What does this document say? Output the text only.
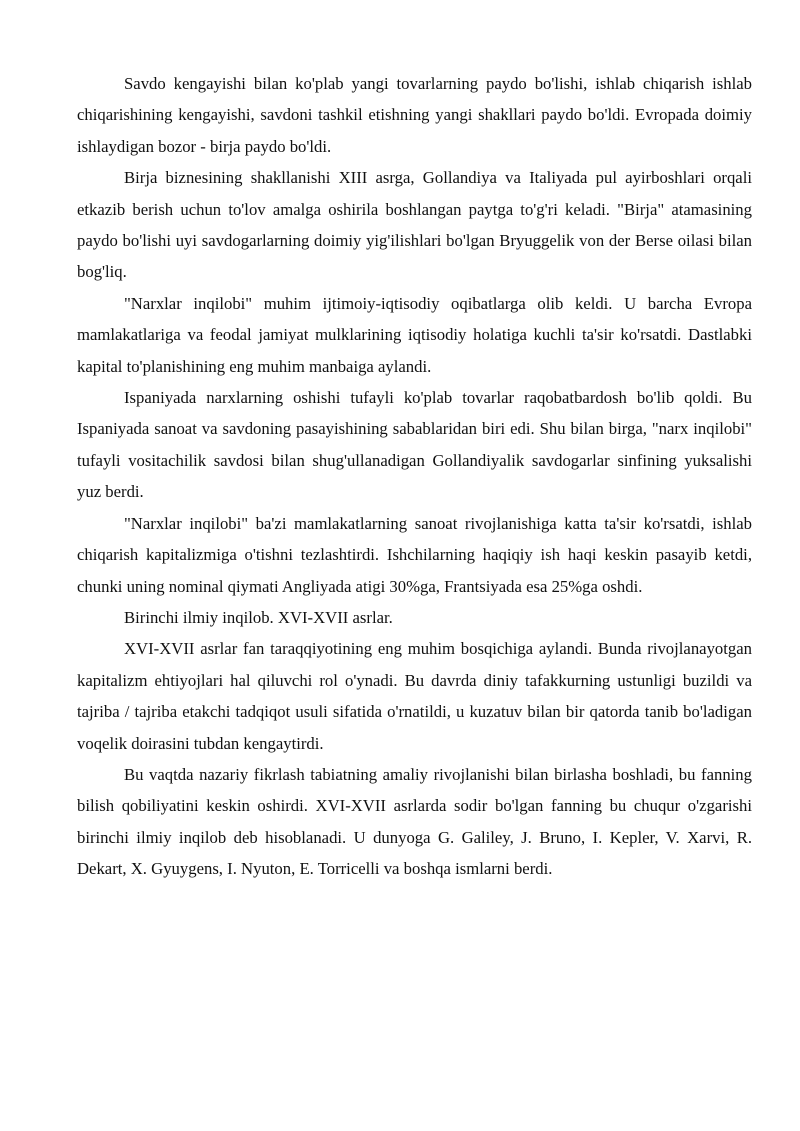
Savdo kengayishi bilan ko'plab yangi tovarlarning paydo bo'lishi, ishlab chiqarish ishlab chiqarishining kengayishi, savdoni tashkil etishning yangi shakllari paydo bo'ldi. Evropada doimiy ishlaydigan bozor - birja paydo bo'ldi.

Birja biznesining shakllanishi XIII asrga, Gollandiya va Italiyada pul ayirboshlari orqali etkazib berish uchun to'lov amalga oshirila boshlangan paytga to'g'ri keladi. "Birja" atamasining paydo bo'lishi uyi savdogarlarning doimiy yig'ilishlari bo'lgan Bryuggelik von der Berse oilasi bilan bog'liq.

"Narxlar inqilobi" muhim ijtimoiy-iqtisodiy oqibatlarga olib keldi. U barcha Evropa mamlakatlariga va feodal jamiyat mulklarining iqtisodiy holatiga kuchli ta'sir ko'rsatdi. Dastlabki kapital to'planishining eng muhim manbaiga aylandi.

Ispaniyada narxlarning oshishi tufayli ko'plab tovarlar raqobatbardosh bo'lib qoldi. Bu Ispaniyada sanoat va savdoning pasayishining sabablaridan biri edi. Shu bilan birga, "narx inqilobi" tufayli vositachilik savdosi bilan shug'ullanadigan Gollandiyalik savdogarlar sinfining yuksalishi yuz berdi.

"Narxlar inqilobi" ba'zi mamlakatlarning sanoat rivojlanishiga katta ta'sir ko'rsatdi, ishlab chiqarish kapitalizmiga o'tishni tezlashtirdi. Ishchilarning haqiqiy ish haqi keskin pasayib ketdi, chunki uning nominal qiymati Angliyada atigi 30%ga, Frantsiyada esa 25%ga oshdi.

Birinchi ilmiy inqilob. XVI-XVII asrlar.

XVI-XVII asrlar fan taraqqiyotining eng muhim bosqichiga aylandi. Bunda rivojlanayotgan kapitalizm ehtiyojlari hal qiluvchi rol o'ynadi. Bu davrda diniy tafakkurning ustunligi buzildi va tajriba / tajriba etakchi tadqiqot usuli sifatida o'rnatildi, u kuzatuv bilan bir qatorda tanib bo'ladigan voqelik doirasini tubdan kengaytirdi.

Bu vaqtda nazariy fikrlash tabiatning amaliy rivojlanishi bilan birlasha boshladi, bu fanning bilish qobiliyatini keskin oshirdi. XVI-XVII asrlarda sodir bo'lgan fanning bu chuqur o'zgarishi birinchi ilmiy inqilob deb hisoblanadi. U dunyoga G. Galiley, J. Bruno, I. Kepler, V. Xarvi, R. Dekart, X. Gyuygens, I. Nyuton, E. Torricelli va boshqa ismlarni berdi.
